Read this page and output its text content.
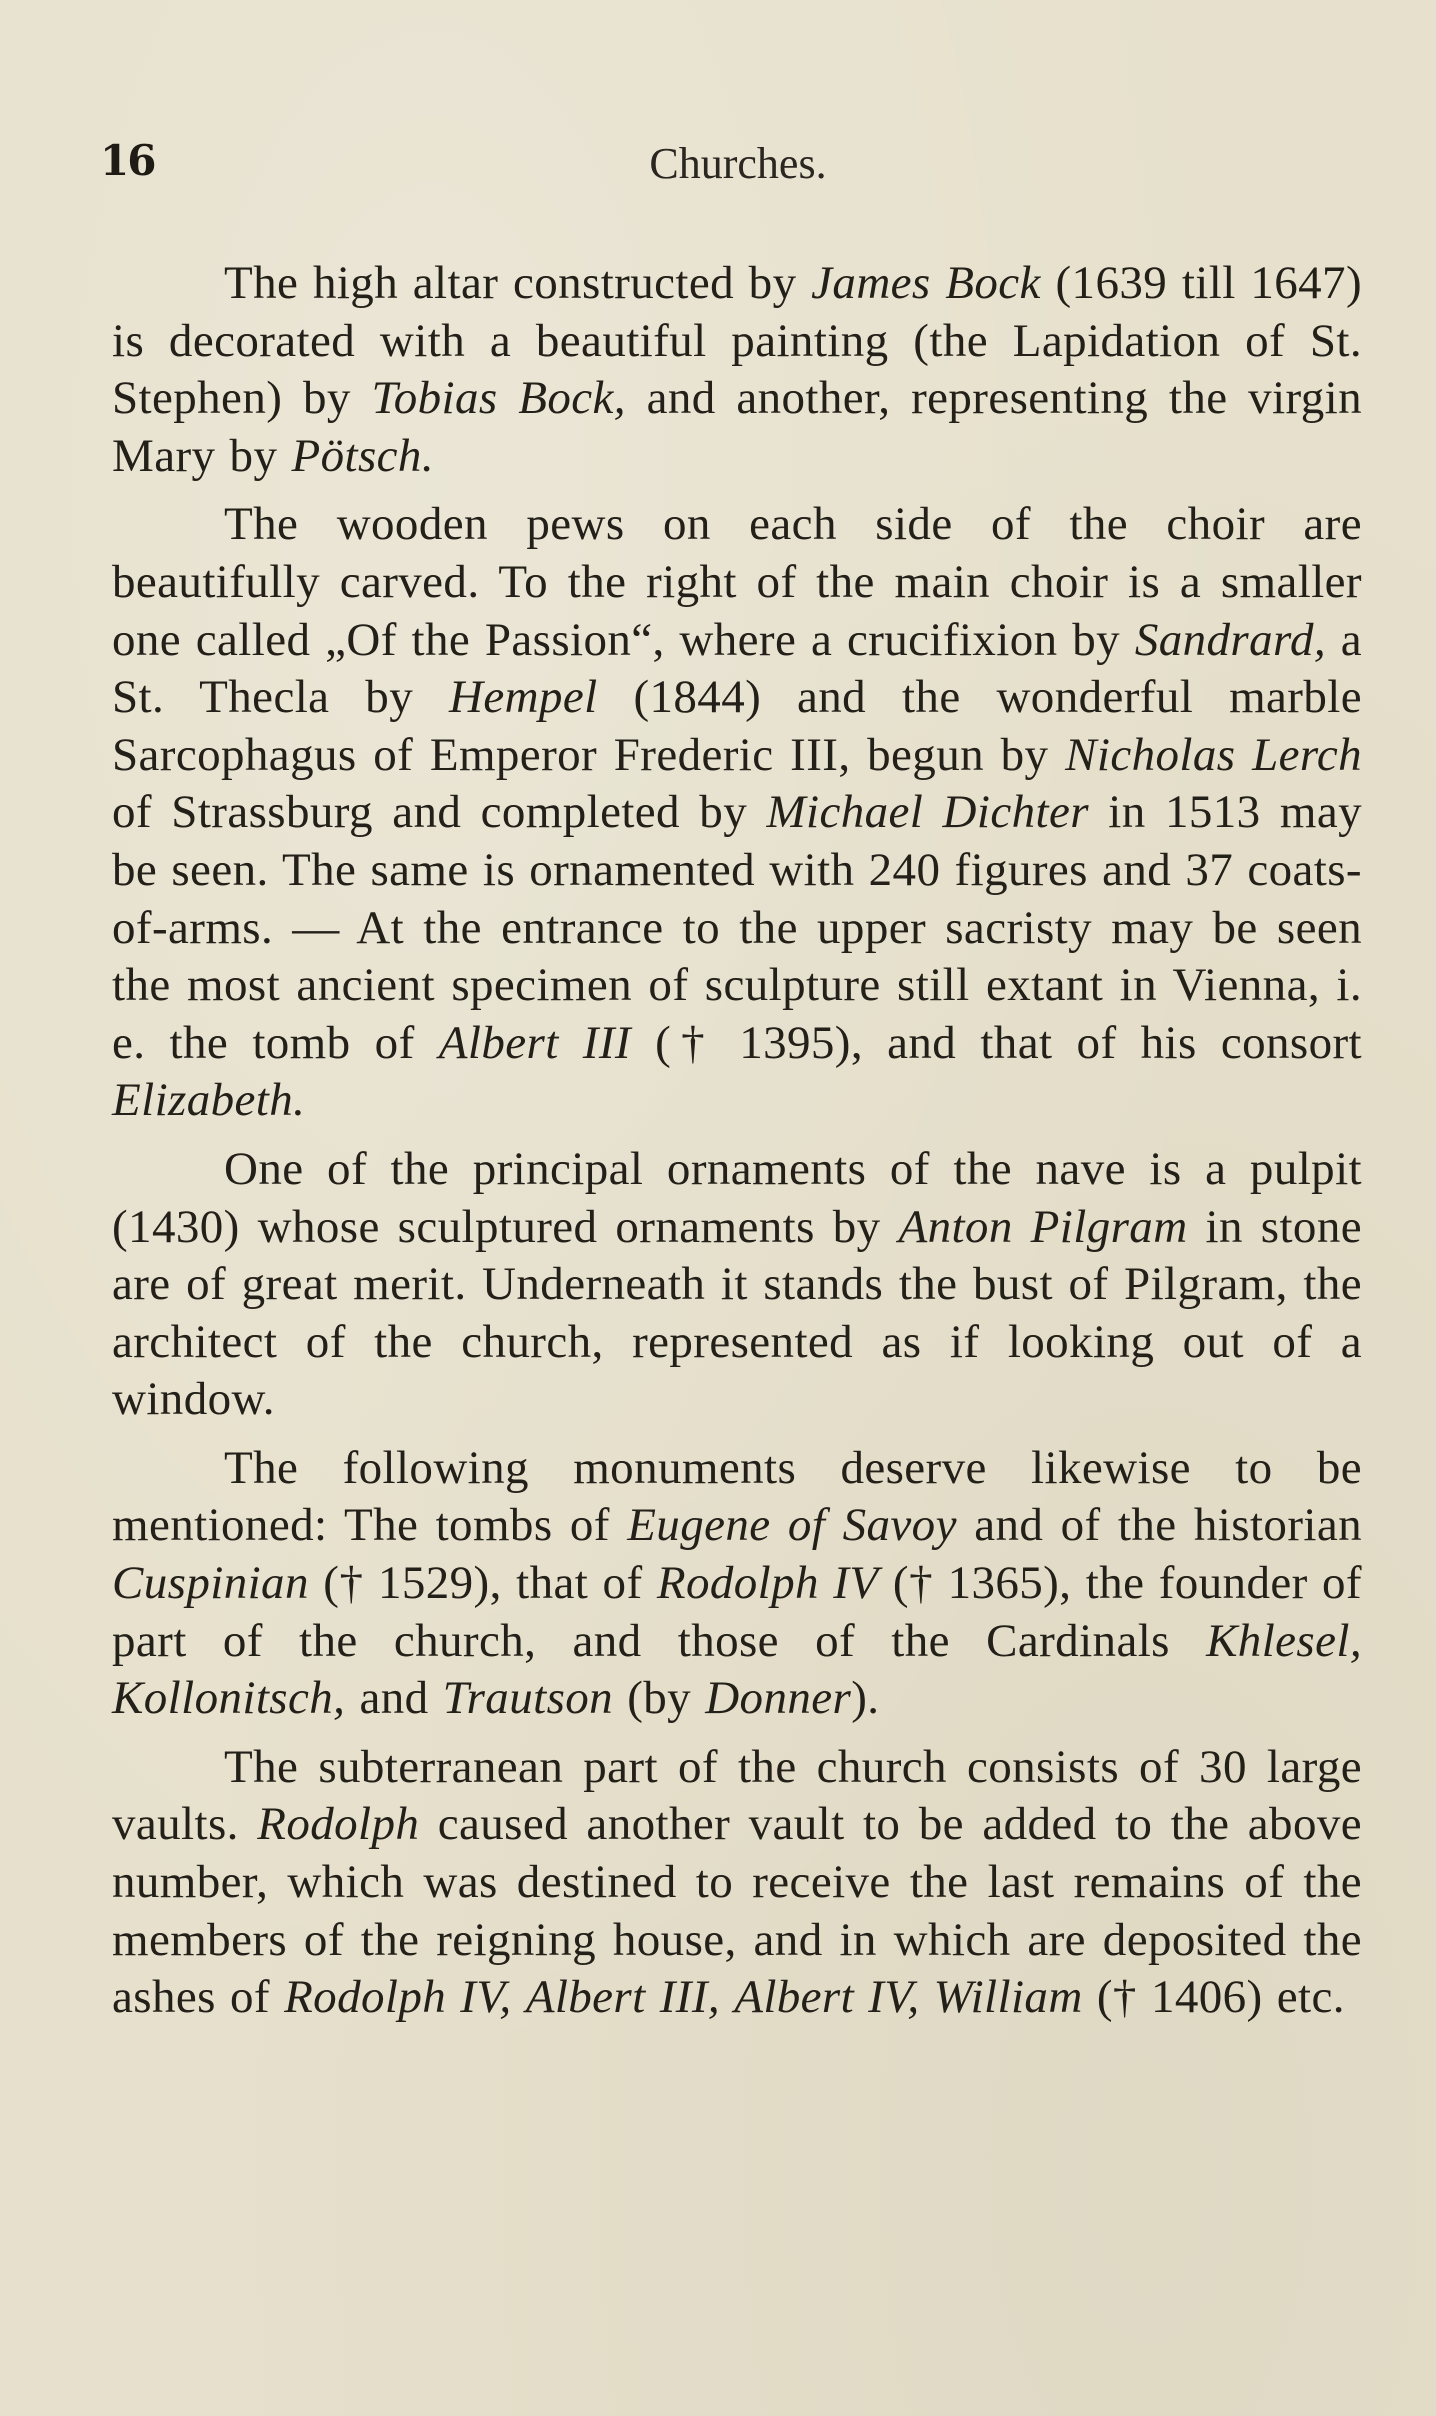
16	Churches.

The high altar constructed by James Bock (1639 till 1647) is decorated with a beautiful painting (the Lapidation of St. Stephen) by Tobias Bock, and another, representing the virgin Mary by Pötsch.

The wooden pews on each side of the choir are beautifully carved. To the right of the main choir is a smaller one called „Of the Passion“, where a crucifixion by Sandrard, a St. Thecla by Hempel (1844) and the wonderful marble Sarcophagus of Emperor Frederic III, begun by Nicholas Lerch of Strassburg and completed by Michael Dichter in 1513 may be seen. The same is ornamented with 240 figures and 37 coats-of-arms. — At the entrance to the upper sacristy may be seen the most ancient specimen of sculpture still extant in Vienna, i. e. the tomb of Albert III († 1395), and that of his consort Elizabeth.

One of the principal ornaments of the nave is a pulpit (1430) whose sculptured ornaments by Anton Pilgram in stone are of great merit. Underneath it stands the bust of Pilgram, the architect of the church, represented as if looking out of a window.

The following monuments deserve likewise to be mentioned: The tombs of Eugene of Savoy and of the historian Cuspinian († 1529), that of Rodolph IV († 1365), the founder of part of the church, and those of the Cardinals Khlesel, Kollonitsch, and Trautson (by Donner).

The subterranean part of the church consists of 30 large vaults. Rodolph caused another vault to be added to the above number, which was destined to receive the last remains of the members of the reigning house, and in which are deposited the ashes of Rodolph IV, Albert III, Albert IV, William († 1406) etc.
